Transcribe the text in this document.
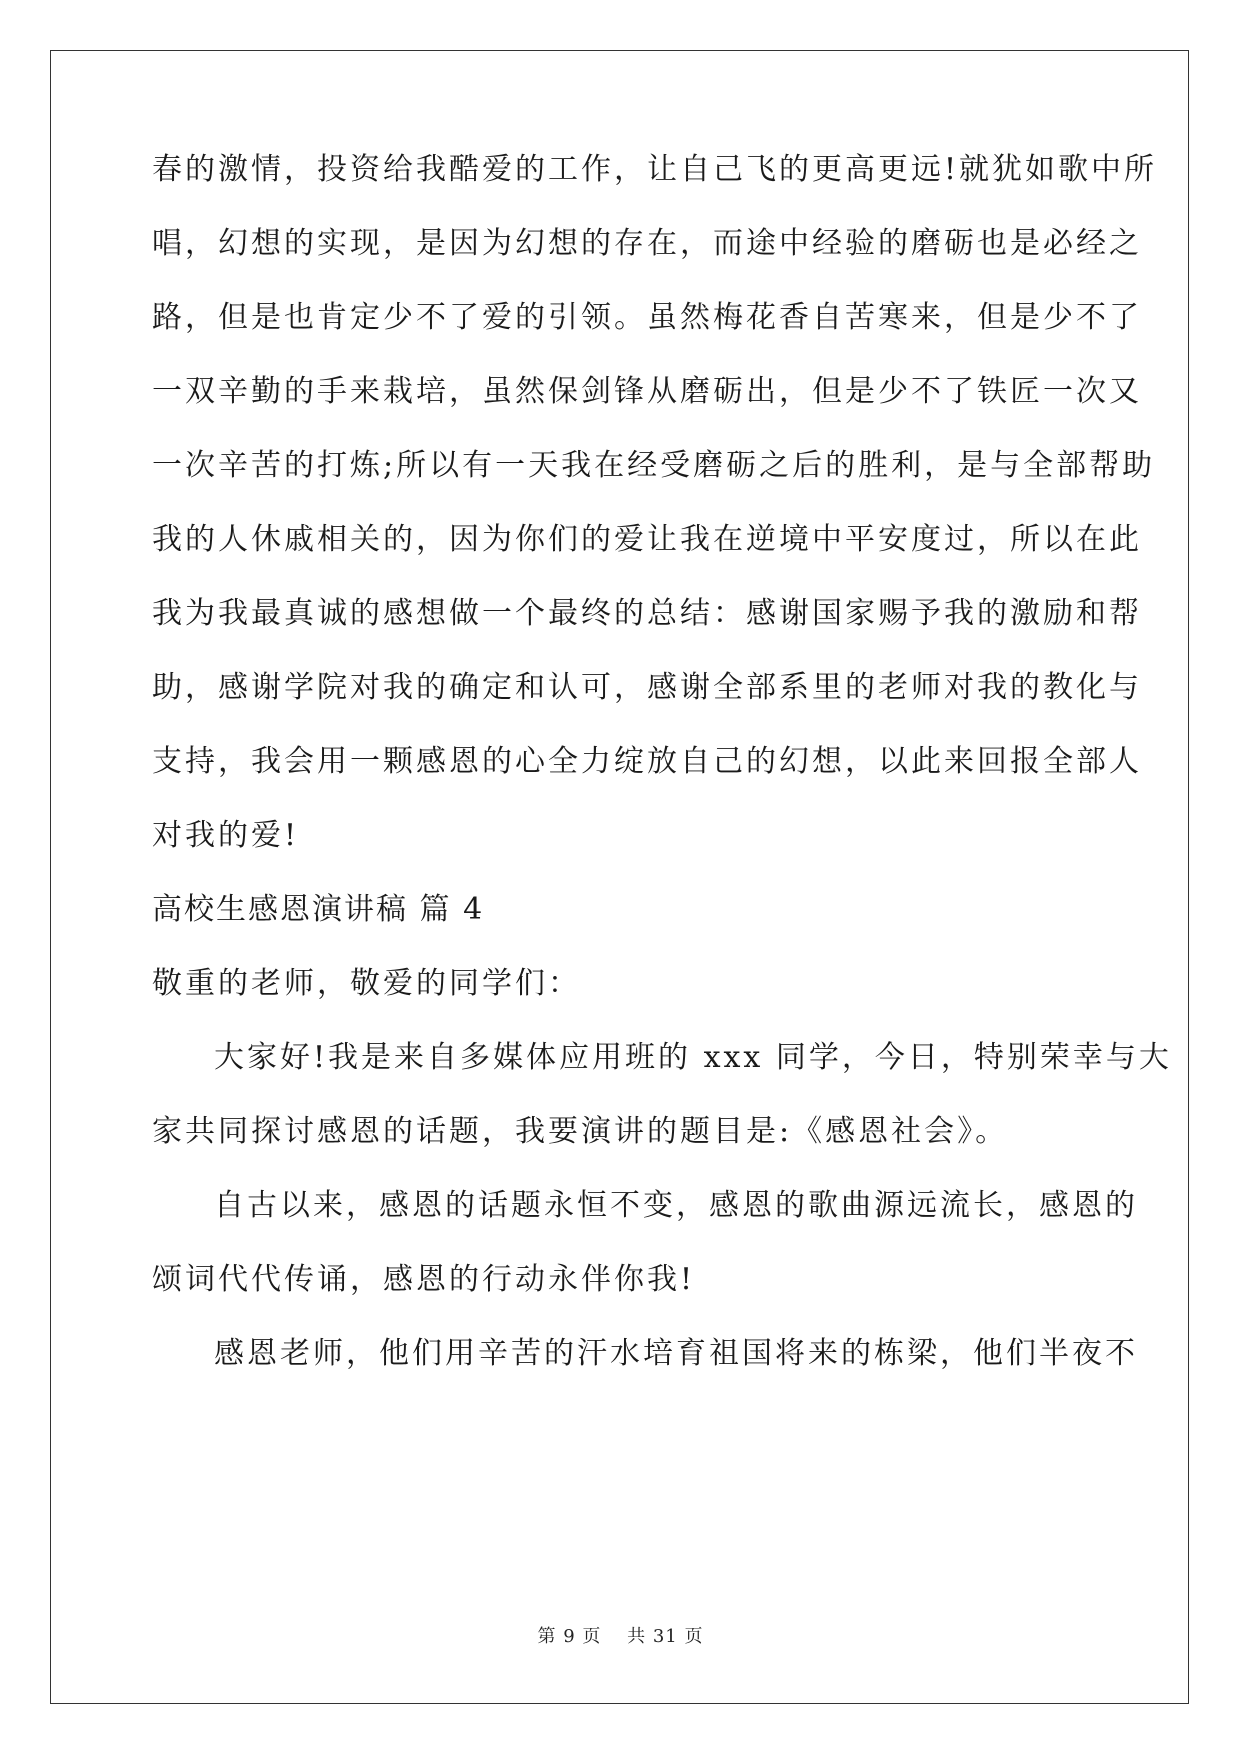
春的激情，投资给我酷爱的工作，让自己飞的更高更远!就犹如歌中所
唱，幻想的实现，是因为幻想的存在，而途中经验的磨砺也是必经之
路，但是也肯定少不了爱的引领。虽然梅花香自苦寒来，但是少不了
一双辛勤的手来栽培，虽然保剑锋从磨砺出，但是少不了铁匠一次又
一次辛苦的打炼;所以有一天我在经受磨砺之后的胜利，是与全部帮助
我的人休戚相关的，因为你们的爱让我在逆境中平安度过，所以在此
我为我最真诚的感想做一个最终的总结：感谢国家赐予我的激励和帮
助，感谢学院对我的确定和认可，感谢全部系里的老师对我的教化与
支持，我会用一颗感恩的心全力绽放自己的幻想，以此来回报全部人
对我的爱!
高校生感恩演讲稿 篇 4
敬重的老师，敬爱的同学们：
大家好!我是来自多媒体应用班的 xxx 同学，今日，特别荣幸与大
家共同探讨感恩的话题，我要演讲的题目是:《感恩社会》。
自古以来，感恩的话题永恒不变，感恩的歌曲源远流长，感恩的
颂词代代传诵，感恩的行动永伴你我!
感恩老师，他们用辛苦的汗水培育祖国将来的栋梁，他们半夜不
第 9 页　 共 31 页
